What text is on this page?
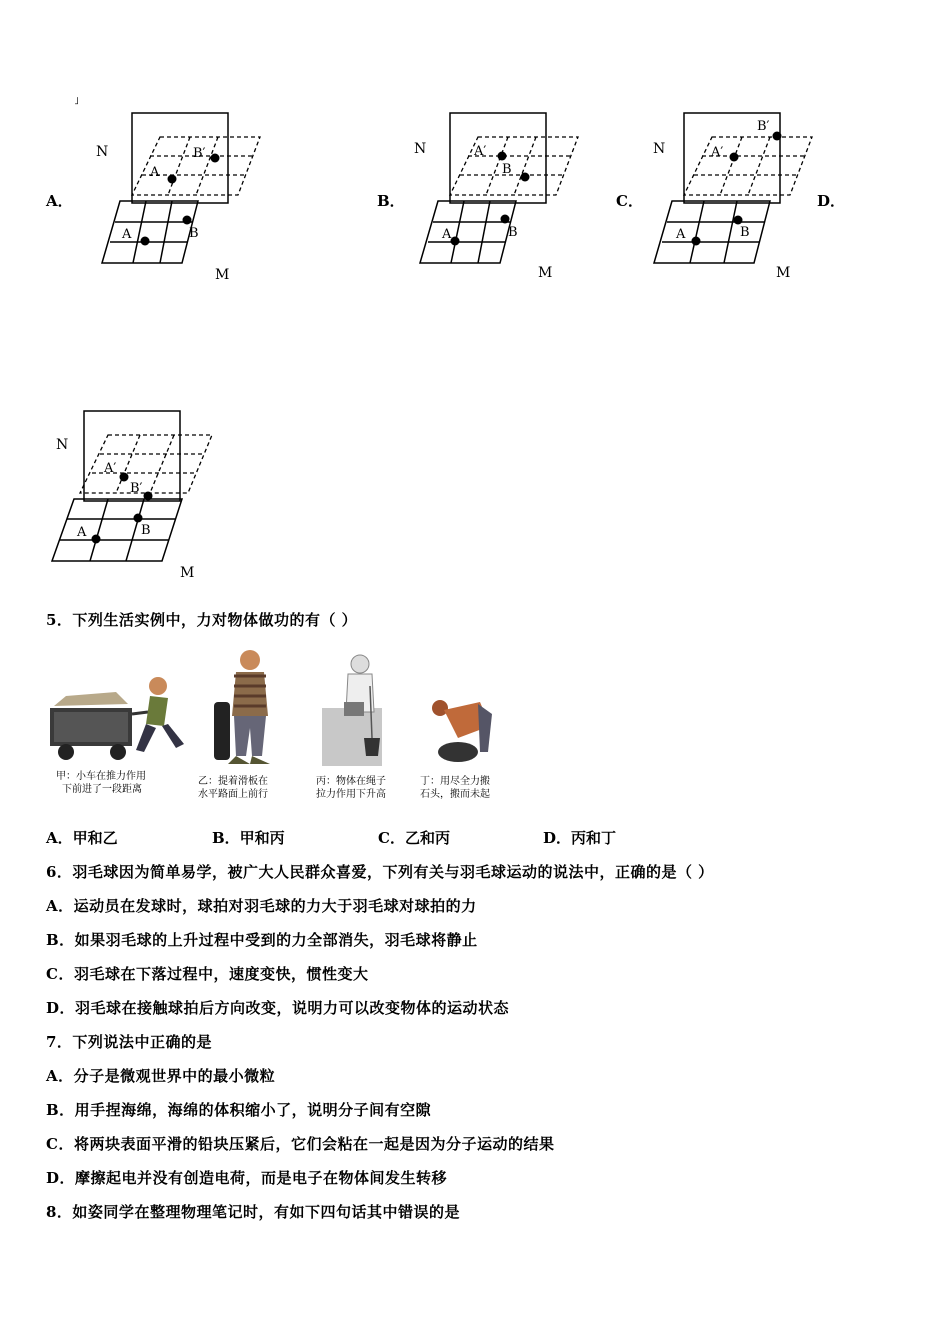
A．	B．	C．	D．
˩
N
M
A	B
A
B′	N
M
A	B
A′
B
N
M
A	B
A′
B′
N
M
A	B
A′
B′
5．下列生活实例中，力对物体做功的有（ ）
甲：小车在推力作用
下前进了一段距离
乙：提着滑板在
水平路面上前行
丙：物体在绳子
拉力作用下升高
丁：用尽全力搬
石头，搬而未起
A．甲和乙	B．甲和丙	C．乙和丙	D．丙和丁
6．羽毛球因为简单易学，被广大人民群众喜爱，下列有关与羽毛球运动的说法中，正确的是（ ）
A．运动员在发球时，球拍对羽毛球的力大于羽毛球对球拍的力
B．如果羽毛球的上升过程中受到的力全部消失，羽毛球将静止
C．羽毛球在下落过程中，速度变快，惯性变大
D．羽毛球在接触球拍后方向改变，说明力可以改变物体的运动状态
7．下列说法中正确的是
A．分子是微观世界中的最小微粒
B．用手捏海绵，海绵的体积缩小了，说明分子间有空隙
C．将两块表面平滑的铅块压紧后，它们会粘在一起是因为分子运动的结果
D．摩擦起电并没有创造电荷，而是电子在物体间发生转移
8．如姿同学在整理物理笔记时，有如下四句话其中错误的是
